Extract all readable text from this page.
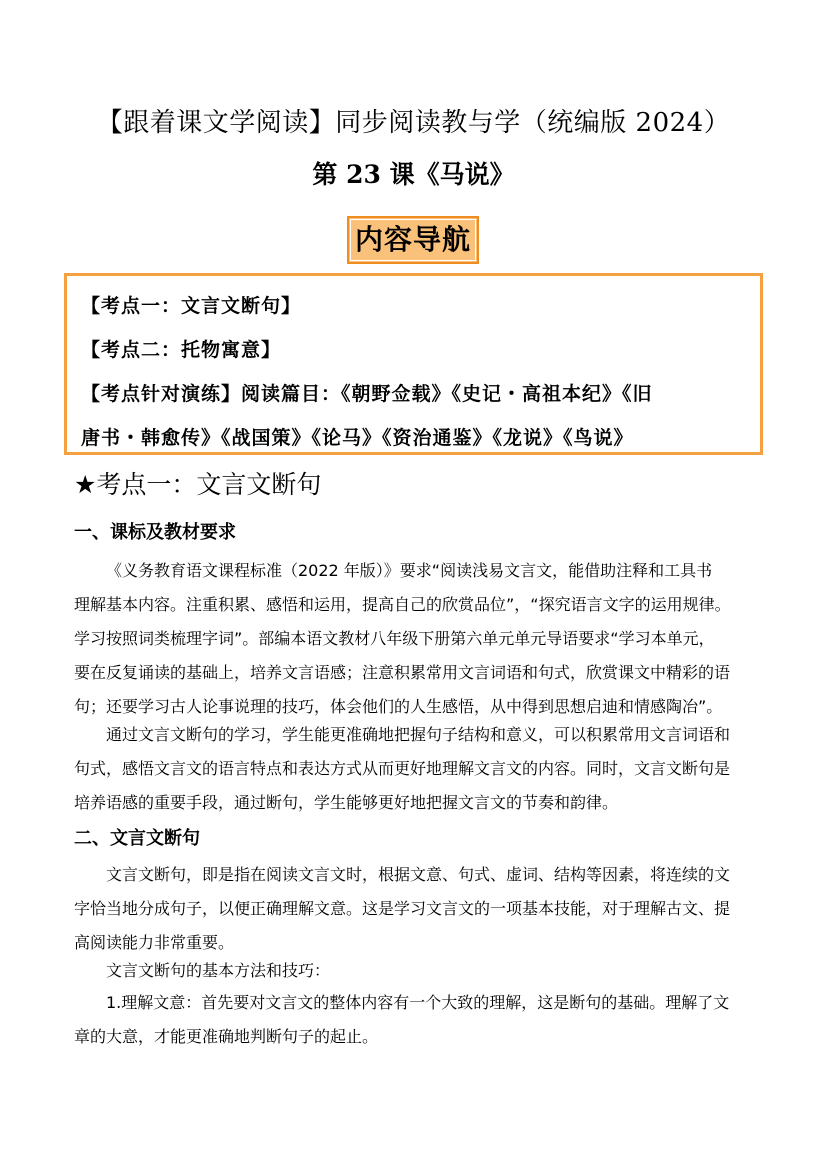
【跟着课文学阅读】同步阅读教与学（统编版 2024）
第 23 课《马说》
内容导航

【考点一：文言文断句】

【考点二：托物寓意】

【考点针对演练】阅读篇目：《朝野佥载》《史记・高祖本纪》《旧

唐书・韩愈传》《战国策》《论马》《资治通鉴》《龙说》《鸟说》

★考点一：文言文断句
一、课标及教材要求
《义务教育语文课程标准（2022 年版）》要求“阅读浅易文言文，能借助注释和工具书
理解基本内容。注重积累、感悟和运用，提高自己的欣赏品位”，“探究语言文字的运用规律。
学习按照词类梳理字词”。部编本语文教材八年级下册第六单元单元导语要求“学习本单元，
要在反复诵读的基础上，培养文言语感；注意积累常用文言词语和句式，欣赏课文中精彩的语
句；还要学习古人论事说理的技巧，体会他们的人生感悟，从中得到思想启迪和情感陶冶”。
通过文言文断句的学习，学生能更准确地把握句子结构和意义，可以积累常用文言词语和
句式，感悟文言文的语言特点和表达方式从而更好地理解文言文的内容。同时，文言文断句是
培养语感的重要手段，通过断句，学生能够更好地把握文言文的节奏和韵律。
二、文言文断句
文言文断句，即是指在阅读文言文时，根据文意、句式、虚词、结构等因素，将连续的文
字恰当地分成句子，以便正确理解文意。这是学习文言文的一项基本技能，对于理解古文、提
高阅读能力非常重要。
文言文断句的基本方法和技巧：
1.理解文意：首先要对文言文的整体内容有一个大致的理解，这是断句的基础。理解了文
章的大意，才能更准确地判断句子的起止。
